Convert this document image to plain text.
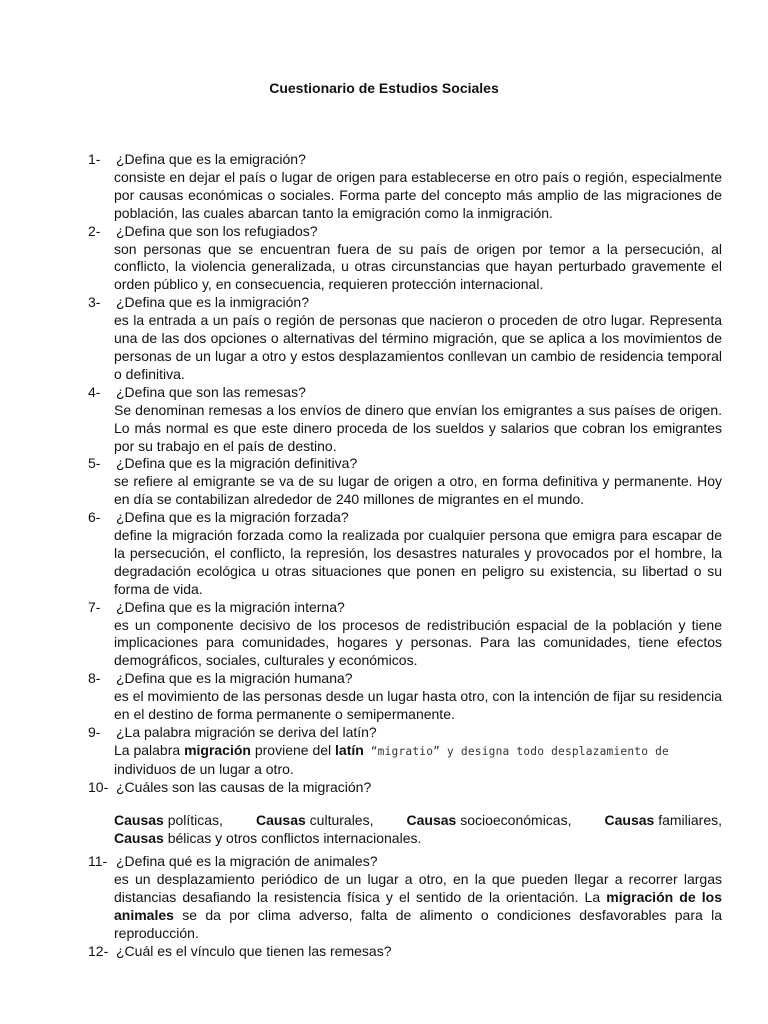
Cuestionario de Estudios Sociales
1-	¿Defina que es la emigración?
consiste en dejar el país o lugar de origen para establecerse en otro país o región, especialmente por causas económicas o sociales. Forma parte del concepto más amplio de las migraciones de población, las cuales abarcan tanto la emigración como la inmigración.
2-	¿Defina que son los refugiados?
son personas que se encuentran fuera de su país de origen por temor a la persecución, al conflicto, la violencia generalizada, u otras circunstancias que hayan perturbado gravemente el orden público y, en consecuencia, requieren protección internacional.
3-	¿Defina que es la inmigración?
es la entrada a un país o región de personas que nacieron o proceden de otro lugar. Representa una de las dos opciones o alternativas del término migración, que se aplica a los movimientos de personas de un lugar a otro y estos desplazamientos conllevan un cambio de residencia temporal o definitiva.
4-	¿Defina que son las remesas?
Se denominan remesas a los envíos de dinero que envían los emigrantes a sus países de origen. Lo más normal es que este dinero proceda de los sueldos y salarios que cobran los emigrantes por su trabajo en el país de destino.
5-	¿Defina que es la migración definitiva?
se refiere al emigrante se va de su lugar de origen a otro, en forma definitiva y permanente. Hoy en día se contabilizan alrededor de 240 millones de migrantes en el mundo.
6-	¿Defina que es la migración forzada?
define la migración forzada como la realizada por cualquier persona que emigra para escapar de la persecución, el conflicto, la represión, los desastres naturales y provocados por el hombre, la degradación ecológica u otras situaciones que ponen en peligro su existencia, su libertad o su forma de vida.
7-	¿Defina que es la migración interna?
es un componente decisivo de los procesos de redistribución espacial de la población y tiene implicaciones para comunidades, hogares y personas. Para las comunidades, tiene efectos demográficos, sociales, culturales y económicos.
8-	¿Defina que es la migración humana?
es el movimiento de las personas desde un lugar hasta otro, con la intención de fijar su residencia en el destino de forma permanente o semipermanente.
9-	¿La palabra migración se deriva del latín?
La palabra migración proviene del latín “migratio” y designa todo desplazamiento de
individuos de un lugar a otro.
10- ¿Cuáles son las causas de la migración?
Causas políticas, Causas culturales, Causas socioeconómicas, Causas familiares,
Causas bélicas y otros conflictos internacionales.
11- ¿Defina qué es la migración de animales?
es un desplazamiento periódico de un lugar a otro, en la que pueden llegar a recorrer largas distancias desafiando la resistencia física y el sentido de la orientación. La migración de los animales se da por clima adverso, falta de alimento o condiciones desfavorables para la reproducción.
12- ¿Cuál es el vínculo que tienen las remesas?
